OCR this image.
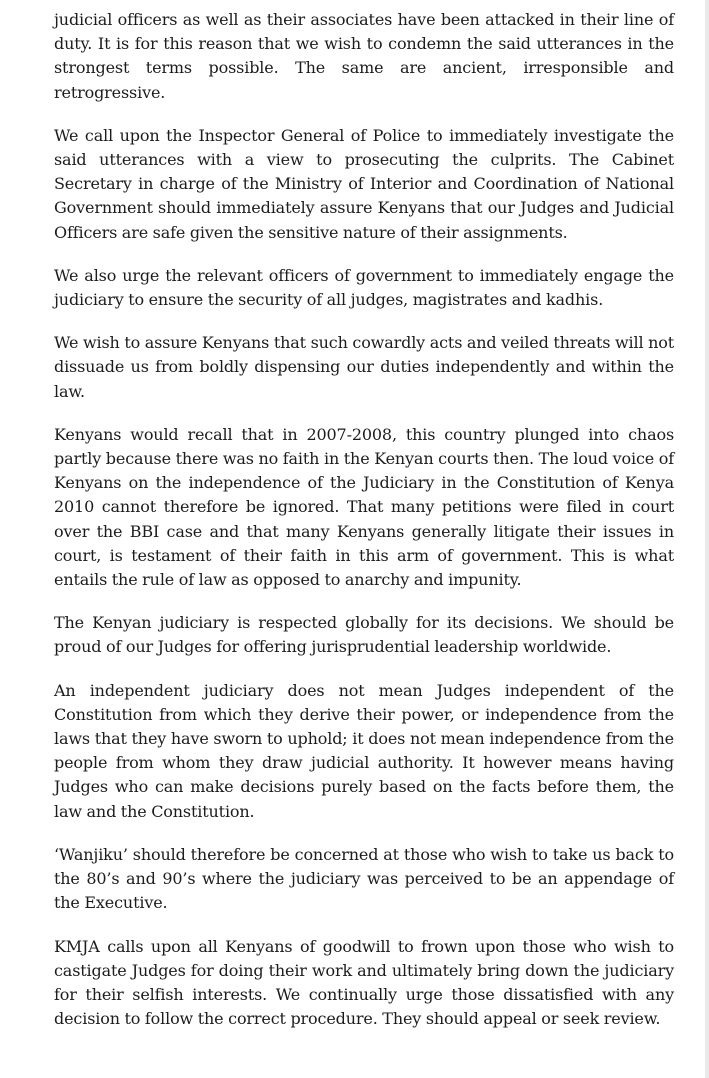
judicial officers as well as their associates have been attacked in their line of duty. It is for this reason that we wish to condemn the said utterances in the strongest terms possible. The same are ancient, irresponsible and retrogressive.

We call upon the Inspector General of Police to immediately investigate the said utterances with a view to prosecuting the culprits. The Cabinet Secretary in charge of the Ministry of Interior and Coordination of National Government should immediately assure Kenyans that our Judges and Judicial Officers are safe given the sensitive nature of their assignments.

We also urge the relevant officers of government to immediately engage the judiciary to ensure the security of all judges, magistrates and kadhis.

We wish to assure Kenyans that such cowardly acts and veiled threats will not dissuade us from boldly dispensing our duties independently and within the law.

Kenyans would recall that in 2007-2008, this country plunged into chaos partly because there was no faith in the Kenyan courts then. The loud voice of Kenyans on the independence of the Judiciary in the Constitution of Kenya 2010 cannot therefore be ignored. That many petitions were filed in court over the BBI case and that many Kenyans generally litigate their issues in court, is testament of their faith in this arm of government. This is what entails the rule of law as opposed to anarchy and impunity.

The Kenyan judiciary is respected globally for its decisions. We should be proud of our Judges for offering jurisprudential leadership worldwide.

An independent judiciary does not mean Judges independent of the Constitution from which they derive their power, or independence from the laws that they have sworn to uphold; it does not mean independence from the people from whom they draw judicial authority. It however means having Judges who can make decisions purely based on the facts before them, the law and the Constitution.

‘Wanjiku’ should therefore be concerned at those who wish to take us back to the 80’s and 90’s where the judiciary was perceived to be an appendage of the Executive.

KMJA calls upon all Kenyans of goodwill to frown upon those who wish to castigate Judges for doing their work and ultimately bring down the judiciary for their selfish interests. We continually urge those dissatisfied with any decision to follow the correct procedure. They should appeal or seek review.
